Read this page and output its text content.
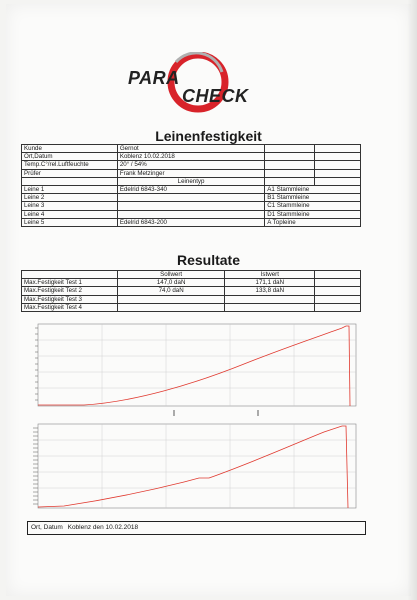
PARA
CHECK
Leinenfestigkeit
Kunde	Gernot		
Ort,Datum	Koblenz 10.02.2018		
Temp.C°/rel.Luftfeuchte	20° / 54%		
Prüfer	Frank Metzinger		
	Leinentyp		
Leine 1	Edelrid 6843-340	A1 Stammleine	
Leine 2		B1 Stammleine	
Leine 3		C1 Stammleine	
Leine 4		D1 Stammleine	
Leine 5	Edelrid 6843-200	A Topleine	
Resultate
	Sollwert	Istwert	
Max.Festigkeit Test 1	147,0 daN	171,1 daN	
Max.Festigkeit Test 2	74,0 daN	133,8 daN	
Max.Festigkeit Test 3			
Max.Festigkeit Test 4			
Ort, Datum Koblenz den 10.02.2018
